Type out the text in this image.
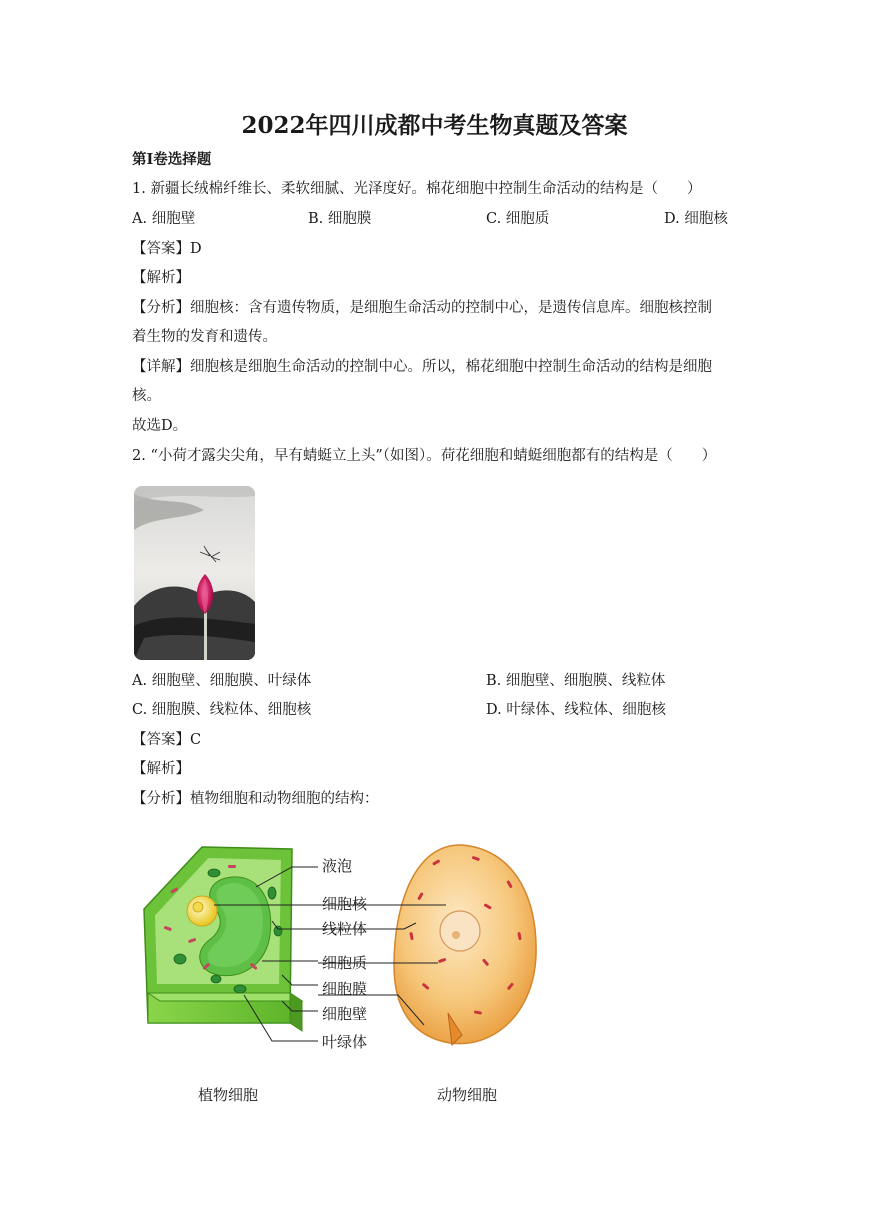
2022年四川成都中考生物真题及答案
第I卷选择题
1. 新疆长绒棉纤维长、柔软细腻、光泽度好。棉花细胞中控制生命活动的结构是（　　）
A. 细胞壁	B. 细胞膜	C. 细胞质	D. 细胞核
【答案】D
【解析】
【分析】细胞核：含有遗传物质，是细胞生命活动的控制中心，是遗传信息库。细胞核控制
着生物的发育和遗传。
【详解】细胞核是细胞生命活动的控制中心。所以，棉花细胞中控制生命活动的结构是细胞
核。
故选D。
2. “小荷才露尖尖角，早有蜻蜓立上头”（如图）。荷花细胞和蜻蜓细胞都有的结构是（　　）
A. 细胞壁、细胞膜、叶绿体	B. 细胞壁、细胞膜、线粒体
C. 细胞膜、线粒体、细胞核	D. 叶绿体、线粒体、细胞核
【答案】C
【解析】
【分析】植物细胞和动物细胞的结构：
液泡
细胞核
线粒体
细胞质
细胞膜
细胞壁
叶绿体
植物细胞	动物细胞
